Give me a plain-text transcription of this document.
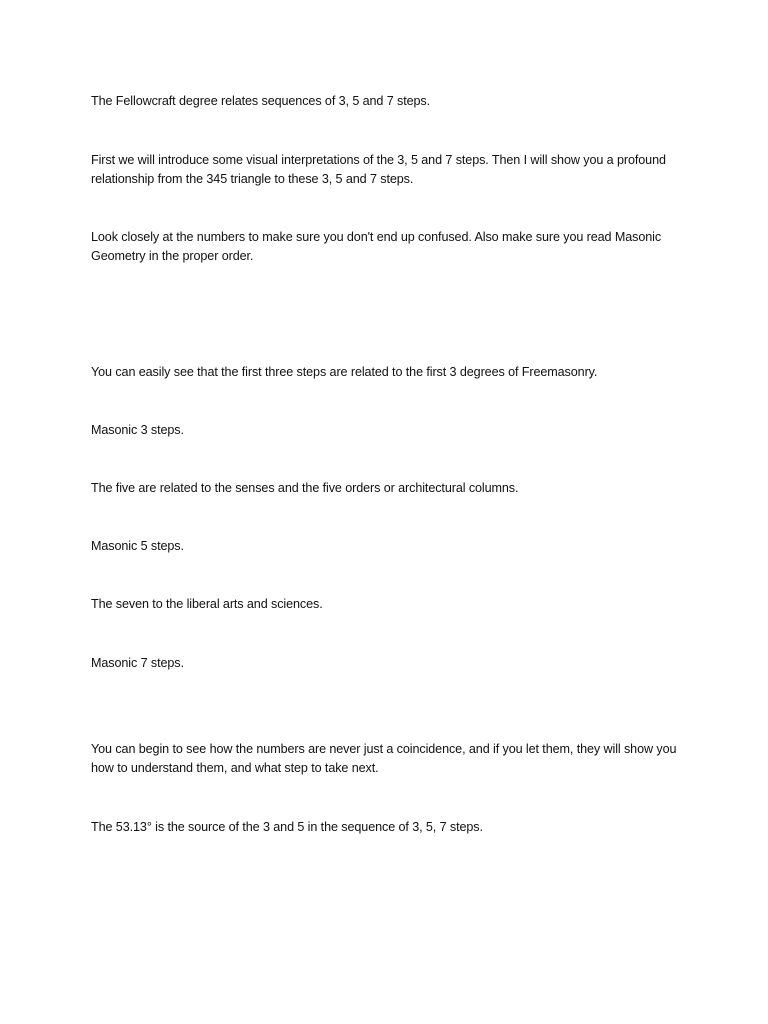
The Fellowcraft degree relates sequences of 3, 5 and 7 steps.

First we will introduce some visual interpretations of the 3, 5 and 7 steps. Then I will show you a profound relationship from the 345 triangle to these 3, 5 and 7 steps.

Look closely at the numbers to make sure you don't end up confused. Also make sure you read Masonic Geometry in the proper order.

You can easily see that the first three steps are related to the first 3 degrees of Freemasonry.

Masonic 3 steps.

The five are related to the senses and the five orders or architectural columns.

Masonic 5 steps.

The seven to the liberal arts and sciences.

Masonic 7 steps.

You can begin to see how the numbers are never just a coincidence, and if you let them, they will show you how to understand them, and what step to take next.

The 53.13° is the source of the 3 and 5 in the sequence of 3, 5, 7 steps.
